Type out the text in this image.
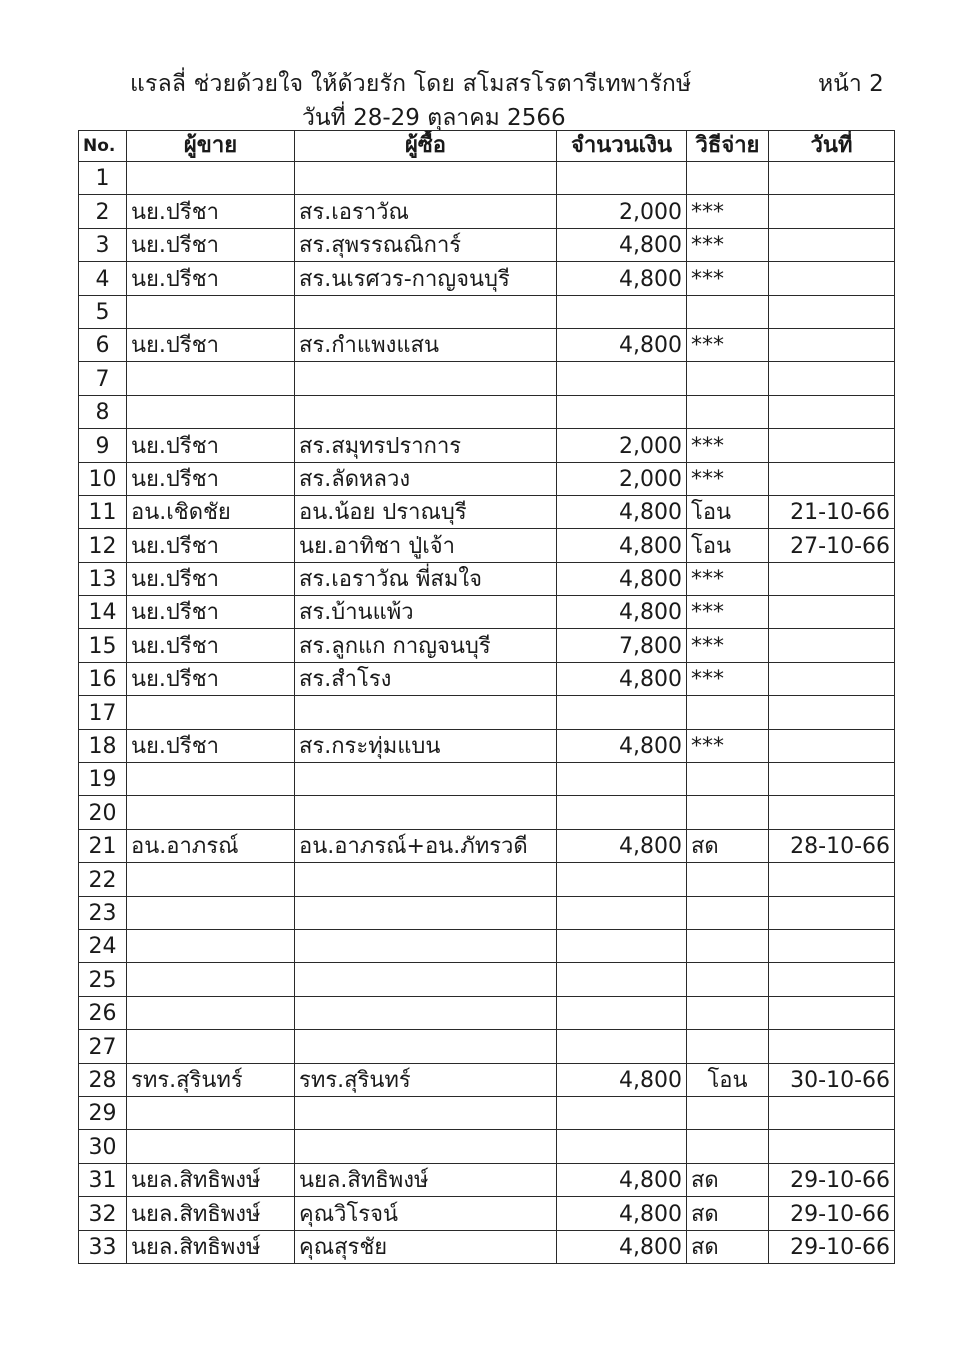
แรลลี่ ช่วยด้วยใจ ให้ด้วยรัก โดย สโมสรโรตารีเทพารักษ์	หน้า 2
วันที่ 28-29 ตุลาคม 2566
No.	ผู้ขาย	ผู้ซื้อ	จำนวนเงิน	วิธีจ่าย	วันที่
1					
2	นย.ปรีชา	สร.เอราวัณ	2,000	***	
3	นย.ปรีชา	สร.สุพรรณณิการ์	4,800	***	
4	นย.ปรีชา	สร.นเรศวร-กาญจนบุรี	4,800	***	
5					
6	นย.ปรีชา	สร.กำแพงแสน	4,800	***	
7					
8					
9	นย.ปรีชา	สร.สมุทรปราการ	2,000	***	
10	นย.ปรีชา	สร.ลัดหลวง	2,000	***	
11	อน.เชิดชัย	อน.น้อย ปราณบุรี	4,800	โอน	21-10-66
12	นย.ปรีชา	นย.อาทิชา ปู่เจ้า	4,800	โอน	27-10-66
13	นย.ปรีชา	สร.เอราวัณ พี่สมใจ	4,800	***	
14	นย.ปรีชา	สร.บ้านแพ้ว	4,800	***	
15	นย.ปรีชา	สร.ลูกแก กาญจนบุรี	7,800	***	
16	นย.ปรีชา	สร.สำโรง	4,800	***	
17					
18	นย.ปรีชา	สร.กระทุ่มแบน	4,800	***	
19					
20					
21	อน.อาภรณ์	อน.อาภรณ์+อน.ภัทรวดี	4,800	สด	28-10-66
22					
23					
24					
25					
26					
27					
28	รทร.สุรินทร์	รทร.สุรินทร์	4,800	โอน	30-10-66
29					
30					
31	นยล.สิทธิพงษ์	นยล.สิทธิพงษ์	4,800	สด	29-10-66
32	นยล.สิทธิพงษ์	คุณวิโรจน์	4,800	สด	29-10-66
33	นยล.สิทธิพงษ์	คุณสุรชัย	4,800	สด	29-10-66
